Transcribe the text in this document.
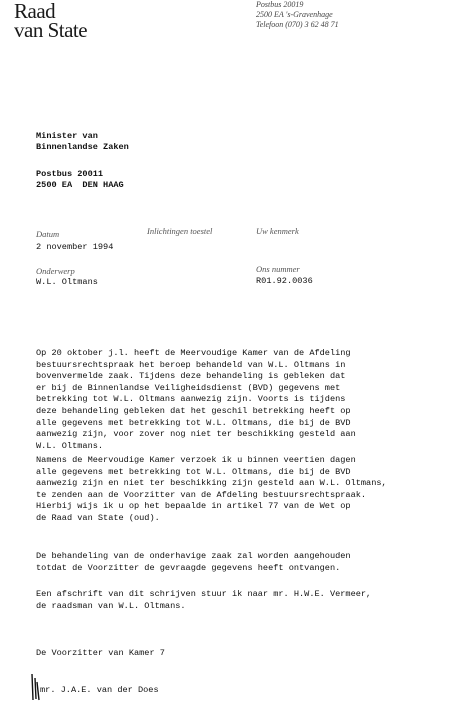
Raad
van State
Postbus 20019
2500 EA 's-Gravenhage
Telefoon (070) 3 62 48 71
Minister van
Binnenlandse Zaken
Postbus 20011
2500 EA  DEN HAAG
Datum	Inlichtingen toestel	Uw kenmerk
2 november 1994
Onderwerp	Ons nummer
W.L. Oltmans	R01.92.0036
Op 20 oktober j.l. heeft de Meervoudige Kamer van de Afdeling
bestuursrechtspraak het beroep behandeld van W.L. Oltmans in
bovenvermelde zaak. Tijdens deze behandeling is gebleken dat
er bij de Binnenlandse Veiligheidsdienst (BVD) gegevens met
betrekking tot W.L. Oltmans aanwezig zijn. Voorts is tijdens
deze behandeling gebleken dat het geschil betrekking heeft op
alle gegevens met betrekking tot W.L. Oltmans, die bij de BVD
aanwezig zijn, voor zover nog niet ter beschikking gesteld aan
W.L. Oltmans.
Namens de Meervoudige Kamer verzoek ik u binnen veertien dagen
alle gegevens met betrekking tot W.L. Oltmans, die bij de BVD
aanwezig zijn en niet ter beschikking zijn gesteld aan W.L. Oltmans,
te zenden aan de Voorzitter van de Afdeling bestuursrechtspraak.
Hierbij wijs ik u op het bepaalde in artikel 77 van de Wet op
de Raad van State (oud).
De behandeling van de onderhavige zaak zal worden aangehouden
totdat de Voorzitter de gevraagde gegevens heeft ontvangen.
Een afschrift van dit schrijven stuur ik naar mr. H.W.E. Vermeer,
de raadsman van W.L. Oltmans.
De Voorzitter van Kamer 7
mr. J.A.E. van der Does
